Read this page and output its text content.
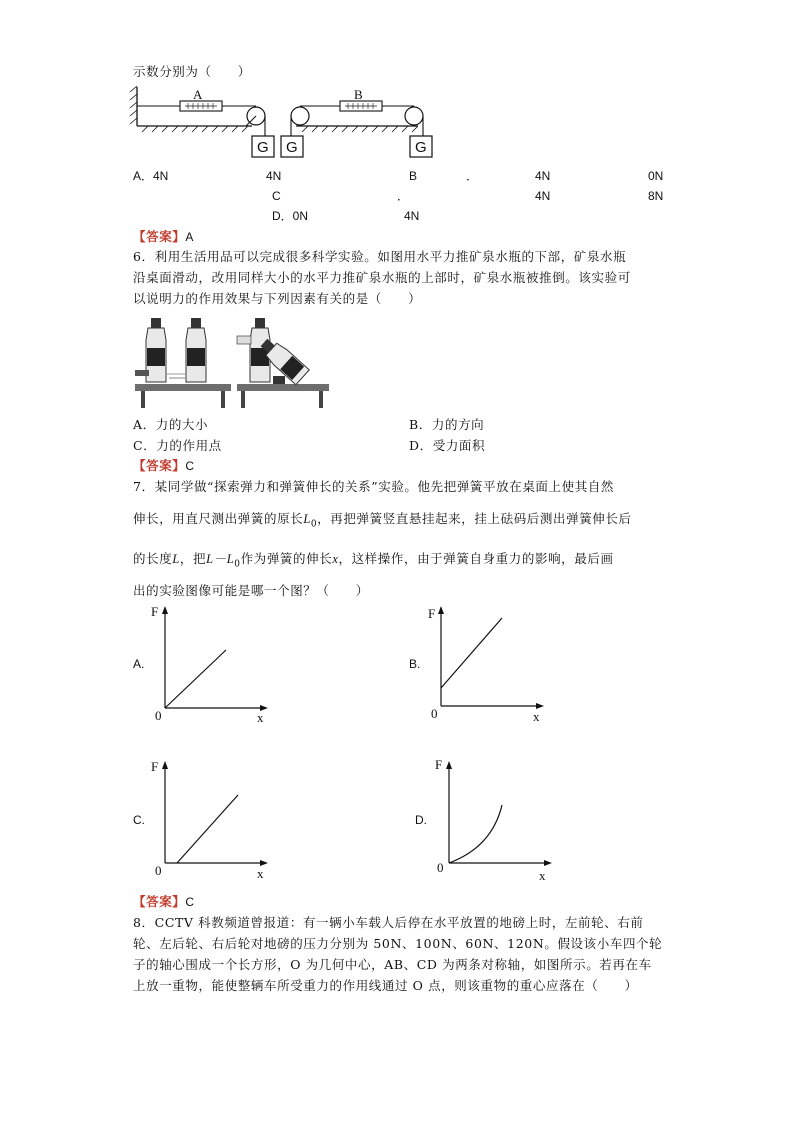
示数分别为（　　）
G
A
G	G
B
A．4N	4N	B	．	4N	0N
C	．	4N	8N
D．0N	4N
【答案】A
6．利用生活用品可以完成很多科学实验。如图用水平力推矿泉水瓶的下部，矿泉水瓶
沿桌面滑动，改用同样大小的水平力推矿泉水瓶的上部时，矿泉水瓶被推倒。该实验可
以说明力的作用效果与下列因素有关的是（　　）
A．力的大小	B．力的方向
C．力的作用点	D．受力面积
【答案】C
7．某同学做“探索弹力和弹簧伸长的关系”实验。他先把弹簧平放在桌面上使其自然
伸长，用直尺测出弹簧的原长$L_0$，再把弹簧竖直悬挂起来，挂上砝码后测出弹簧伸长后
的长度L，把$L-L_0$作为弹簧的伸长x，这样操作，由于弹簧自身重力的影响，最后画
出的实验图像可能是哪一个图？（　　）
A.
F
x
0
B.
F
x
0
C.
F
x
0
D.
F
x
0
【答案】C
8．CCTV 科教频道曾报道：有一辆小车载人后停在水平放置的地磅上时，左前轮、右前
轮、左后轮、右后轮对地磅的压力分别为 50N、100N、60N、120N。假设该小车四个轮
子的轴心围成一个长方形，O 为几何中心，AB、CD 为两条对称轴，如图所示。若再在车
上放一重物，能使整辆车所受重力的作用线通过 O 点，则该重物的重心应落在（　　）
